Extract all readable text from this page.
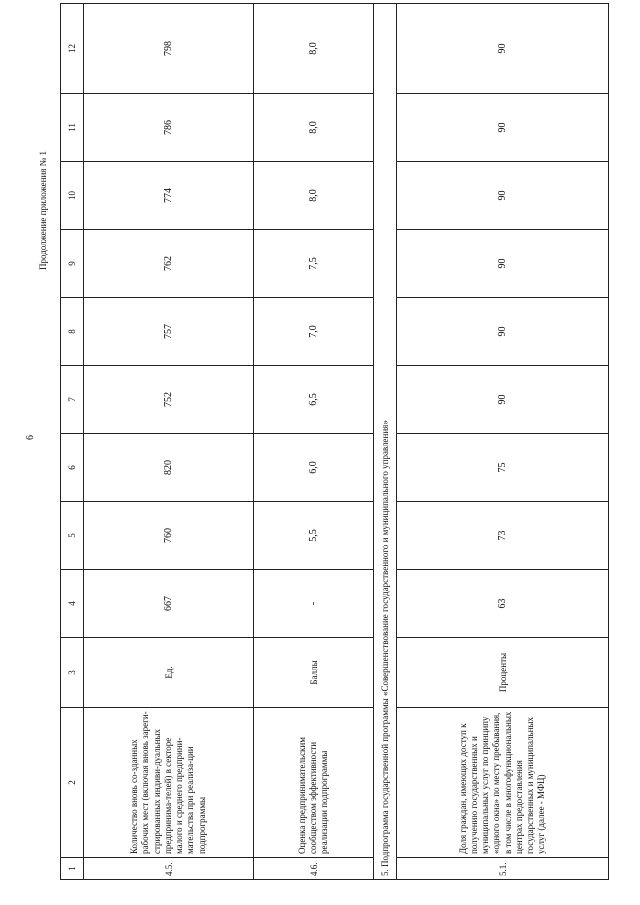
6
Продолжение приложения № 1
1	2	3	4	5	6	7	8	9	10	11	12
4.5.	Количество вновь со-зданных рабочих мест (включая вновь зареги-стрированных индиви-дуальных предпринима-телей) в секторе малого и среднего предприни-мательства при реализа-ции подпрограммы	Ед.	667	760	820	752	757	762	774	786	798
4.6.	Оценка предпринимательским сообществом эффективности реализации подпрограммы	Баллы	-	5,5	6,0	6,5	7,0	7,5	8,0	8,0	8,0
5. Подпрограмма государственной программы «Совершенствование государственного и муниципального управления»											
5.1.	Доля граждан, имеющих доступ к получению государственных и муниципальных услуг по принципу «одного окна» по месту пребывания, в том числе в многофункциональных центрах предоставления государственных и муниципальных услуг (далее - МФЦ)	Проценты	63	73	75	90	90	90	90	90	90
